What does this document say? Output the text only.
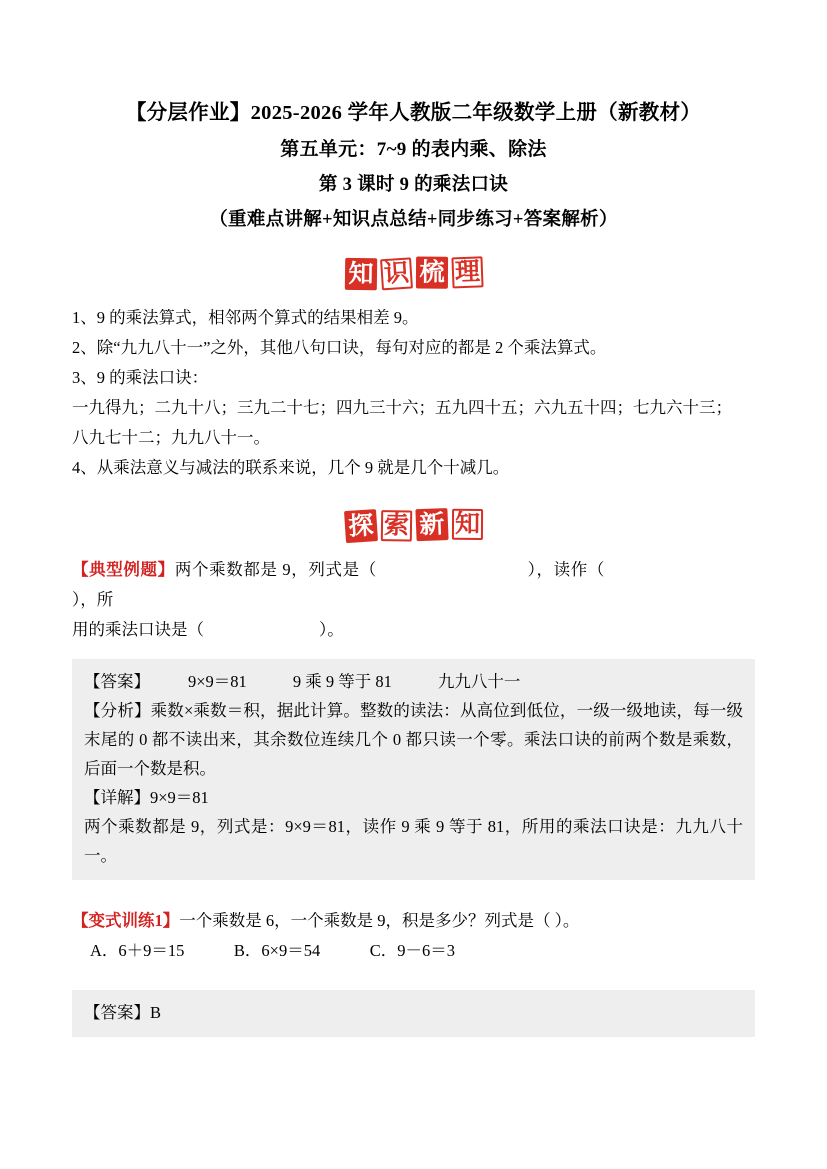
【分层作业】2025-2026 学年人教版二年级数学上册（新教材）
第五单元：7~9 的表内乘、除法
第 3 课时 9 的乘法口诀
（重难点讲解+知识点总结+同步练习+答案解析）
知 识 梳 理

1、9 的乘法算式，相邻两个算式的结果相差 9。

2、除“九九八十一”之外，其他八句口诀，每句对应的都是 2 个乘法算式。

3、9 的乘法口诀：

一九得九；二九十八；三九二十七；四九三十六；五九四十五；六九五十四；七九六十三；

八九七十二；九九八十一。

4、从乘法意义与减法的联系来说，几个 9 就是几个十减几。

探 索 新 知

【典型例题】两个乘数都是 9，列式是（	），读作（），所

用的乘法口诀是（	）。

【答案】 9×9＝81	9 乘 9 等于 81	九九八十一

【分析】乘数×乘数＝积，据此计算。整数的读法：从高位到低位，一级一级地读，每一级末尾的 0 都不读出来，其余数位连续几个 0 都只读一个零。乘法口诀的前两个数是乘数，后面一个数是积。

【详解】9×9＝81

两个乘数都是 9，列式是：9×9＝81，读作 9 乘 9 等于 81，所用的乘法口诀是：九九八十一。

【变式训练1】一个乘数是 6，一个乘数是 9，积是多少？列式是（ ）。

A．6＋9＝15            B．6×9＝54            C．9－6＝3

【答案】B
